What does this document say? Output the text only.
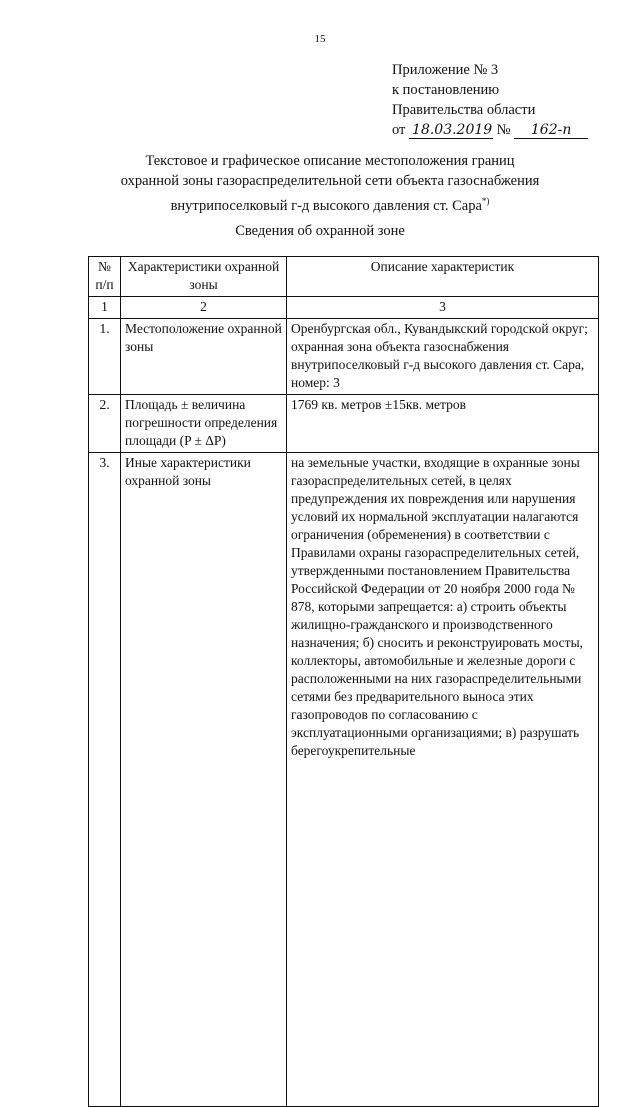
15
Приложение № 3
к постановлению
Правительства области
от 18.03.2019 № 162-п
Текстовое и графическое описание местоположения границ
охранной зоны газораспределительной сети объекта газоснабжения
внутрипоселковый г-д высокого давления ст. Сара*)
Сведения об охранной зоне
№ п/п	Характеристики охранной зоны	Описание характеристик
1	2	3
1.	Местоположение охранной зоны	Оренбургская обл., Кувандыкский городской округ; охранная зона объекта газоснабжения внутрипоселковый г-д высокого давления ст. Сара, номер: 3
2.	Площадь ± величина погрешности определения площади (P ± ΔP)	1769 кв. метров ±15кв. метров
3.	Иные характеристики охранной зоны	на земельные участки, входящие в охранные зоны газораспределительных сетей, в целях предупреждения их повреждения или нарушения условий их нормальной эксплуатации налагаются ограничения (обременения) в соответствии с Правилами охраны газораспределительных сетей, утвержденными постановлением Правительства Российской Федерации от 20 ноября 2000 года № 878, которыми запрещается: а) строить объекты жилищно-гражданского и производственного назначения; б) сносить и реконструировать мосты, коллекторы, автомобильные и железные дороги с расположенными на них газораспределительными сетями без предварительного выноса этих газопроводов по согласованию с эксплуатационными организациями; в) разрушать берегоукрепительные
